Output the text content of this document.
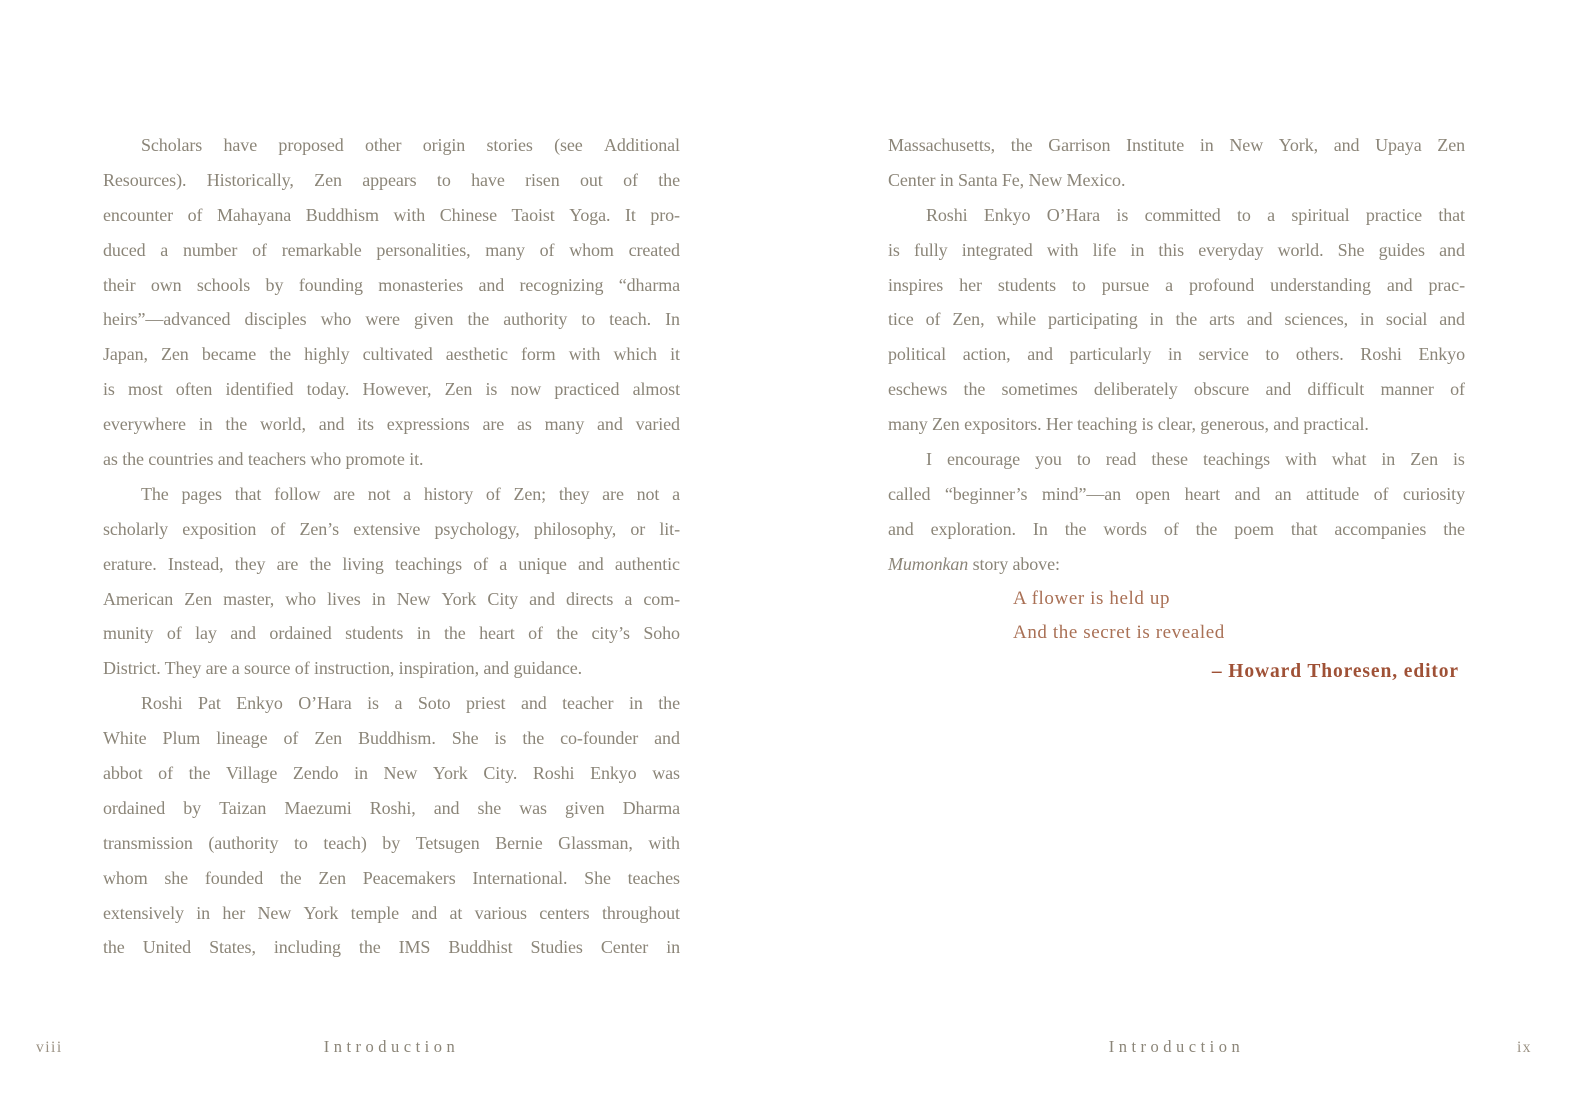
Scholars have proposed other origin stories (see Additional
Resources). Historically, Zen appears to have risen out of the
encounter of Mahayana Buddhism with Chinese Taoist Yoga. It pro-
duced a number of remarkable personalities, many of whom created
their own schools by founding monasteries and recognizing “dharma
heirs”—advanced disciples who were given the authority to teach. In
Japan, Zen became the highly cultivated aesthetic form with which it
is most often identified today. However, Zen is now practiced almost
everywhere in the world, and its expressions are as many and varied
as the countries and teachers who promote it.
The pages that follow are not a history of Zen; they are not a
scholarly exposition of Zen’s extensive psychology, philosophy, or lit-
erature. Instead, they are the living teachings of a unique and authentic
American Zen master, who lives in New York City and directs a com-
munity of lay and ordained students in the heart of the city’s Soho
District. They are a source of instruction, inspiration, and guidance.
Roshi Pat Enkyo O’Hara is a Soto priest and teacher in the
White Plum lineage of Zen Buddhism. She is the co-founder and
abbot of the Village Zendo in New York City. Roshi Enkyo was
ordained by Taizan Maezumi Roshi, and she was given Dharma
transmission (authority to teach) by Tetsugen Bernie Glassman, with
whom she founded the Zen Peacemakers International. She teaches
extensively in her New York temple and at various centers throughout
the United States, including the IMS Buddhist Studies Center in
Massachusetts, the Garrison Institute in New York, and Upaya Zen
Center in Santa Fe, New Mexico.
Roshi Enkyo O’Hara is committed to a spiritual practice that
is fully integrated with life in this everyday world. She guides and
inspires her students to pursue a profound understanding and prac-
tice of Zen, while participating in the arts and sciences, in social and
political action, and particularly in service to others. Roshi Enkyo
eschews the sometimes deliberately obscure and difficult manner of
many Zen expositors. Her teaching is clear, generous, and practical.
I encourage you to read these teachings with what in Zen is
called “beginner’s mind”—an open heart and an attitude of curiosity
and exploration. In the words of the poem that accompanies the
Mumonkan story above:
A flower is held up
And the secret is revealed
– Howard Thoresen, editor
viii	Introduction	Introduction	ix
